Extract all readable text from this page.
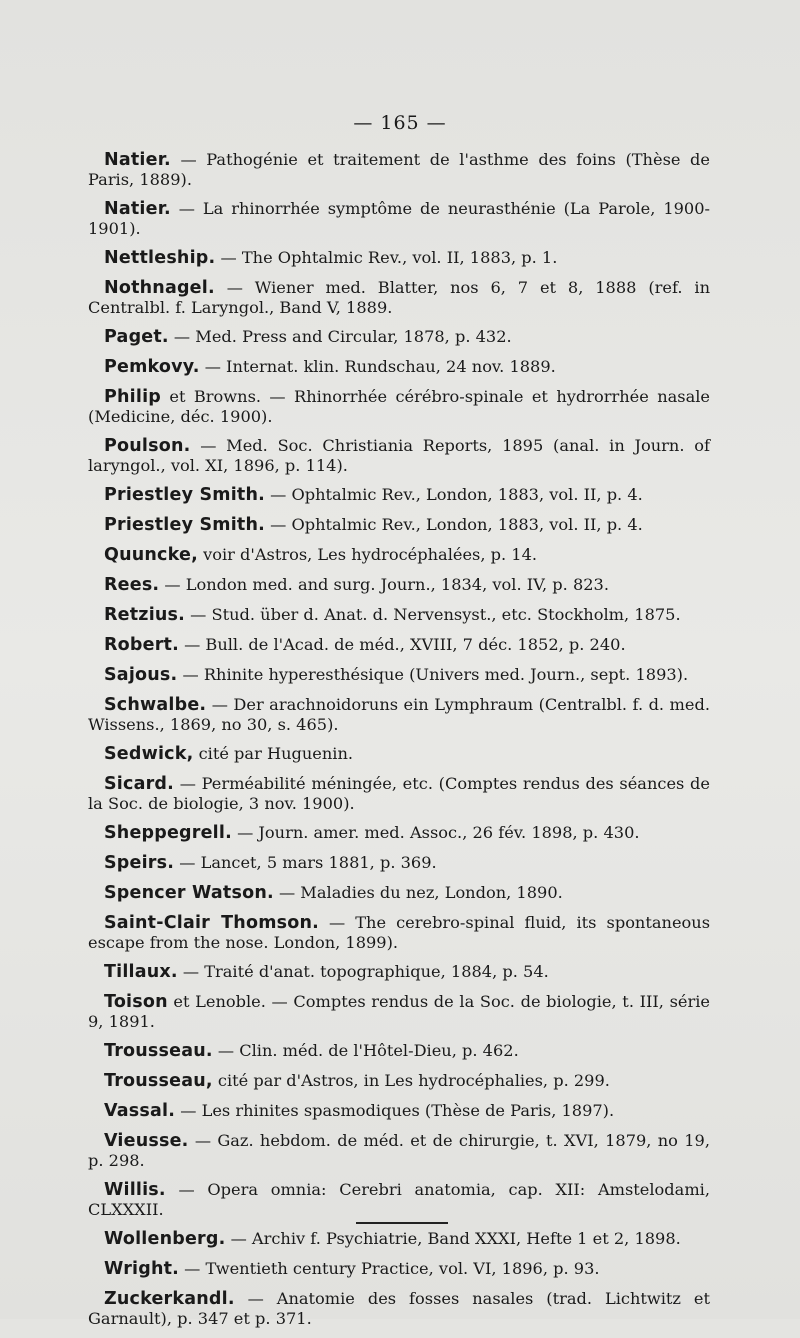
— 165 —

Natier. — Pathogénie et traitement de l'asthme des foins (Thèse de Paris, 1889).

Natier. — La rhinorrhée symptôme de neurasthénie (La Parole, 1900-1901).

Nettleship. — The Ophtalmic Rev., vol. II, 1883, p. 1.

Nothnagel. — Wiener med. Blatter, nos 6, 7 et 8, 1888 (ref. in Centralbl. f. Laryngol., Band V, 1889.

Paget. — Med. Press and Circular, 1878, p. 432.

Pemkovy. — Internat. klin. Rundschau, 24 nov. 1889.

Philip et Browns. — Rhinorrhée cérébro-spinale et hydrorrhée nasale (Medicine, déc. 1900).

Poulson. — Med. Soc. Christiania Reports, 1895 (anal. in Journ. of laryngol., vol. XI, 1896, p. 114).

Priestley Smith. — Ophtalmic Rev., London, 1883, vol. II, p. 4.

Priestley Smith. — Ophtalmic Rev., London, 1883, vol. II, p. 4.

Quuncke, voir d'Astros, Les hydrocéphalées, p. 14.

Rees. — London med. and surg. Journ., 1834, vol. IV, p. 823.

Retzius. — Stud. über d. Anat. d. Nervensyst., etc. Stockholm, 1875.

Robert. — Bull. de l'Acad. de méd., XVIII, 7 déc. 1852, p. 240.

Sajous. — Rhinite hyperesthésique (Univers med. Journ., sept. 1893).

Schwalbe. — Der arachnoidoruns ein Lymphraum (Centralbl. f. d. med. Wissens., 1869, no 30, s. 465).

Sedwick, cité par Huguenin.

Sicard. — Perméabilité méningée, etc. (Comptes rendus des séances de la Soc. de biologie, 3 nov. 1900).

Sheppegrell. — Journ. amer. med. Assoc., 26 fév. 1898, p. 430.

Speirs. — Lancet, 5 mars 1881, p. 369.

Spencer Watson. — Maladies du nez, London, 1890.

Saint-Clair Thomson. — The cerebro-spinal fluid, its spontaneous escape from the nose. London, 1899).

Tillaux. — Traité d'anat. topographique, 1884, p. 54.

Toison et Lenoble. — Comptes rendus de la Soc. de biologie, t. III, série 9, 1891.

Trousseau. — Clin. méd. de l'Hôtel-Dieu, p. 462.

Trousseau, cité par d'Astros, in Les hydrocéphalies, p. 299.

Vassal. — Les rhinites spasmodiques (Thèse de Paris, 1897).

Vieusse. — Gaz. hebdom. de méd. et de chirurgie, t. XVI, 1879, no 19, p. 298.

Willis. — Opera omnia: Cerebri anatomia, cap. XII: Amstelodami, CLXXXII.

Wollenberg. — Archiv f. Psychiatrie, Band XXXI, Hefte 1 et 2, 1898.

Wright. — Twentieth century Practice, vol. VI, 1896, p. 93.

Zuckerkandl. — Anatomie des fosses nasales (trad. Lichtwitz et Garnault), p. 347 et p. 371.
